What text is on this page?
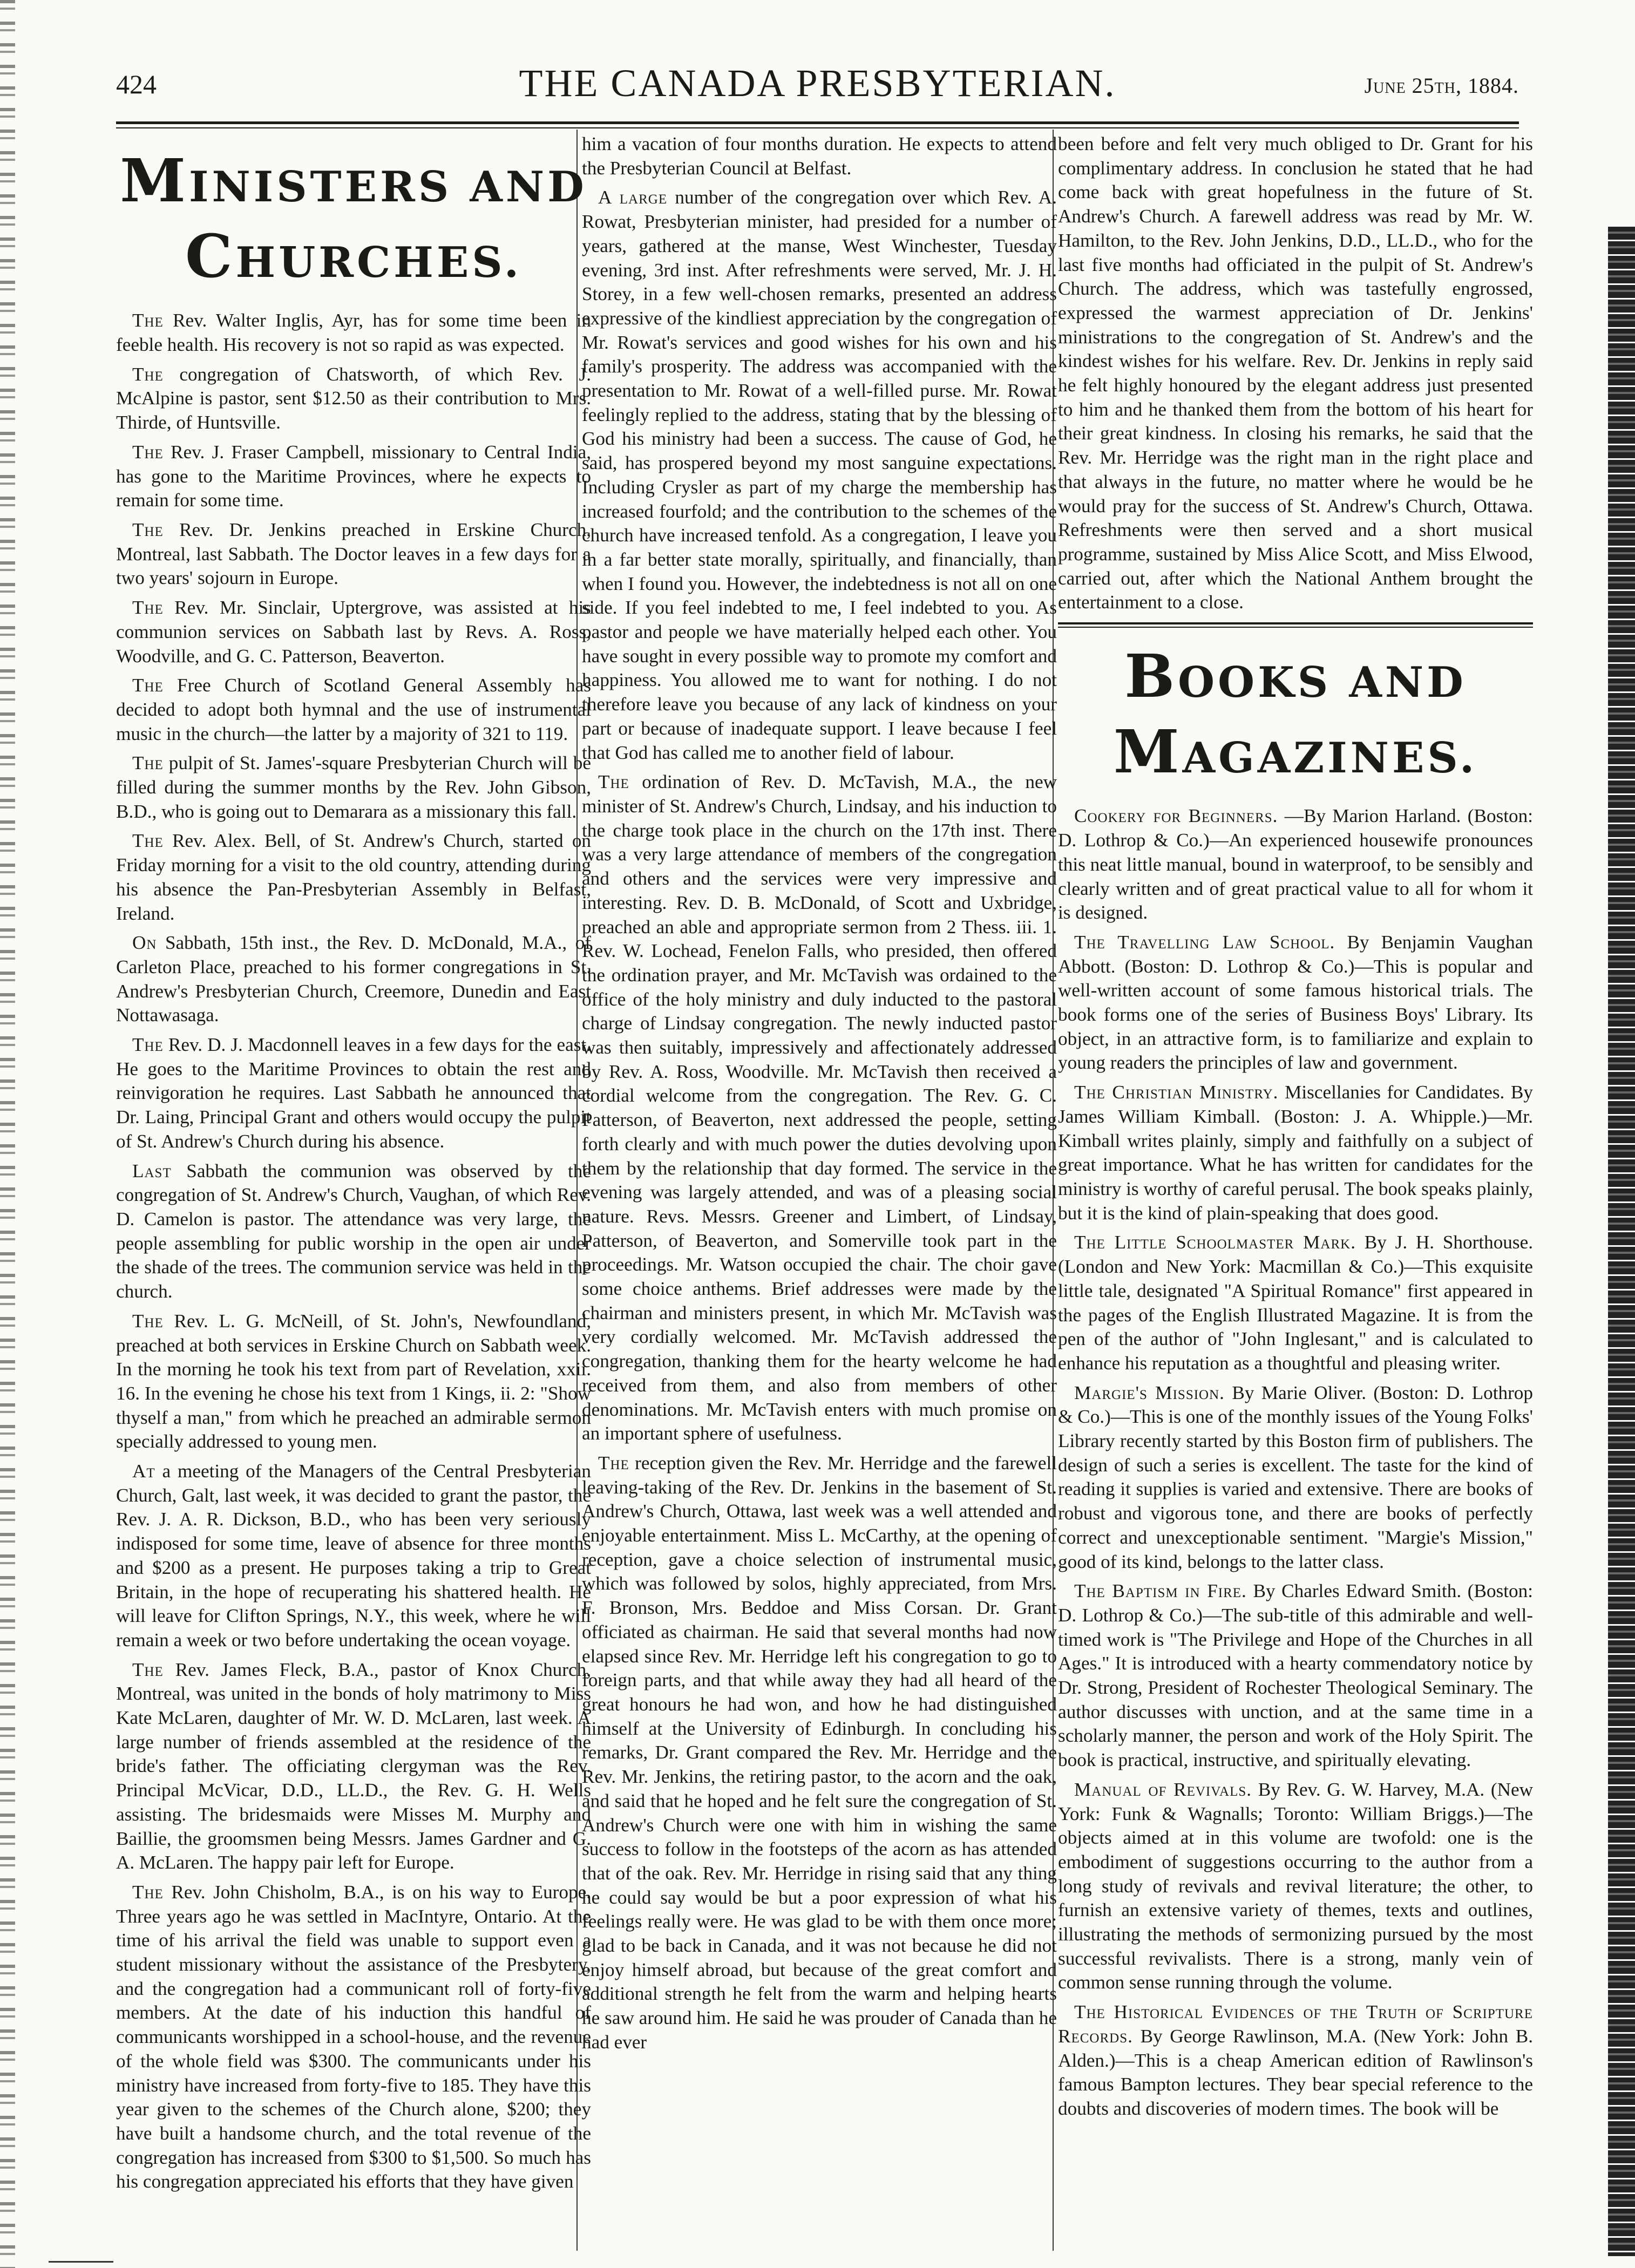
424	THE CANADA PRESBYTERIAN.	June 25th, 1884.
MINISTERS AND CHURCHES.

The Rev. Walter Inglis, Ayr, has for some time been in feeble health. His recovery is not so rapid as was expected.

The congregation of Chatsworth, of which Rev. J. McAlpine is pastor, sent $12.50 as their contribution to Mrs. Thirde, of Huntsville.

The Rev. J. Fraser Campbell, missionary to Central India, has gone to the Maritime Provinces, where he expects to remain for some time.

The Rev. Dr. Jenkins preached in Erskine Church, Montreal, last Sabbath. The Doctor leaves in a few days for a two years' sojourn in Europe.

The Rev. Mr. Sinclair, Uptergrove, was assisted at his communion services on Sabbath last by Revs. A. Ross, Woodville, and G. C. Patterson, Beaverton.

The Free Church of Scotland General Assembly has decided to adopt both hymnal and the use of instrumental music in the church—the latter by a majority of 321 to 119.

The pulpit of St. James'-square Presbyterian Church will be filled during the summer months by the Rev. John Gibson, B.D., who is going out to Demarara as a missionary this fall.

The Rev. Alex. Bell, of St. Andrew's Church, started on Friday morning for a visit to the old country, attending during his absence the Pan-Presbyterian Assembly in Belfast, Ireland.

On Sabbath, 15th inst., the Rev. D. McDonald, M.A., of Carleton Place, preached to his former congregations in St. Andrew's Presbyterian Church, Creemore, Dunedin and East Nottawasaga.

The Rev. D. J. Macdonnell leaves in a few days for the east. He goes to the Maritime Provinces to obtain the rest and reinvigoration he requires. Last Sabbath he announced that Dr. Laing, Principal Grant and others would occupy the pulpit of St. Andrew's Church during his absence.

Last Sabbath the communion was observed by the congregation of St. Andrew's Church, Vaughan, of which Rev. D. Camelon is pastor. The attendance was very large, the people assembling for public worship in the open air under the shade of the trees. The communion service was held in the church.

The Rev. L. G. McNeill, of St. John's, Newfoundland, preached at both services in Erskine Church on Sabbath week. In the morning he took his text from part of Revelation, xxii. 16. In the evening he chose his text from 1 Kings, ii. 2: "Show thyself a man," from which he preached an admirable sermon specially addressed to young men.

At a meeting of the Managers of the Central Presbyterian Church, Galt, last week, it was decided to grant the pastor, the Rev. J. A. R. Dickson, B.D., who has been very seriously indisposed for some time, leave of absence for three months and $200 as a present. He purposes taking a trip to Great Britain, in the hope of recuperating his shattered health. He will leave for Clifton Springs, N.Y., this week, where he will remain a week or two before undertaking the ocean voyage.

The Rev. James Fleck, B.A., pastor of Knox Church, Montreal, was united in the bonds of holy matrimony to Miss Kate McLaren, daughter of Mr. W. D. McLaren, last week. A large number of friends assembled at the residence of the bride's father. The officiating clergyman was the Rev. Principal McVicar, D.D., LL.D., the Rev. G. H. Wells assisting. The bridesmaids were Misses M. Murphy and Baillie, the groomsmen being Messrs. James Gardner and G. A. McLaren. The happy pair left for Europe.

The Rev. John Chisholm, B.A., is on his way to Europe. Three years ago he was settled in MacIntyre, Ontario. At the time of his arrival the field was unable to support even a student missionary without the assistance of the Presbytery, and the congregation had a communicant roll of forty-five members. At the date of his induction this handful of communicants worshipped in a school-house, and the revenue of the whole field was $300. The communicants under his ministry have increased from forty-five to 185. They have this year given to the schemes of the Church alone, $200; they have built a handsome church, and the total revenue of the congregation has increased from $300 to $1,500. So much has his congregation appreciated his efforts that they have given

him a vacation of four months duration. He expects to attend the Presbyterian Council at Belfast.

A large number of the congregation over which Rev. A. Rowat, Presbyterian minister, had presided for a number of years, gathered at the manse, West Winchester, Tuesday evening, 3rd inst. After refreshments were served, Mr. J. H. Storey, in a few well-chosen remarks, presented an address expressive of the kindliest appreciation by the congregation of Mr. Rowat's services and good wishes for his own and his family's prosperity. The address was accompanied with the presentation to Mr. Rowat of a well-filled purse. Mr. Rowat feelingly replied to the address, stating that by the blessing of God his ministry had been a success. The cause of God, he said, has prospered beyond my most sanguine expectations. Including Crysler as part of my charge the membership has increased fourfold; and the contribution to the schemes of the church have increased tenfold. As a congregation, I leave you in a far better state morally, spiritually, and financially, than when I found you. However, the indebtedness is not all on one side. If you feel indebted to me, I feel indebted to you. As pastor and people we have materially helped each other. You have sought in every possible way to promote my comfort and happiness. You allowed me to want for nothing. I do not therefore leave you because of any lack of kindness on your part or because of inadequate support. I leave because I feel that God has called me to another field of labour.

The ordination of Rev. D. McTavish, M.A., the new minister of St. Andrew's Church, Lindsay, and his induction to the charge took place in the church on the 17th inst. There was a very large attendance of members of the congregation and others and the services were very impressive and interesting. Rev. D. B. McDonald, of Scott and Uxbridge, preached an able and appropriate sermon from 2 Thess. iii. 1. Rev. W. Lochead, Fenelon Falls, who presided, then offered the ordination prayer, and Mr. McTavish was ordained to the office of the holy ministry and duly inducted to the pastoral charge of Lindsay congregation. The newly inducted pastor was then suitably, impressively and affectionately addressed by Rev. A. Ross, Woodville. Mr. McTavish then received a cordial welcome from the congregation. The Rev. G. C. Patterson, of Beaverton, next addressed the people, setting forth clearly and with much power the duties devolving upon them by the relationship that day formed. The service in the evening was largely attended, and was of a pleasing social nature. Revs. Messrs. Greener and Limbert, of Lindsay, Patterson, of Beaverton, and Somerville took part in the proceedings. Mr. Watson occupied the chair. The choir gave some choice anthems. Brief addresses were made by the chairman and ministers present, in which Mr. McTavish was very cordially welcomed. Mr. McTavish addressed the congregation, thanking them for the hearty welcome he had received from them, and also from members of other denominations. Mr. McTavish enters with much promise on an important sphere of usefulness.

The reception given the Rev. Mr. Herridge and the farewell leaving-taking of the Rev. Dr. Jenkins in the basement of St. Andrew's Church, Ottawa, last week was a well attended and enjoyable entertainment. Miss L. McCarthy, at the opening of reception, gave a choice selection of instrumental music, which was followed by solos, highly appreciated, from Mrs. F. Bronson, Mrs. Beddoe and Miss Corsan. Dr. Grant officiated as chairman. He said that several months had now elapsed since Rev. Mr. Herridge left his congregation to go to foreign parts, and that while away they had all heard of the great honours he had won, and how he had distinguished himself at the University of Edinburgh. In concluding his remarks, Dr. Grant compared the Rev. Mr. Herridge and the Rev. Mr. Jenkins, the retiring pastor, to the acorn and the oak, and said that he hoped and he felt sure the congregation of St. Andrew's Church were one with him in wishing the same success to follow in the footsteps of the acorn as has attended that of the oak. Rev. Mr. Herridge in rising said that any thing he could say would be but a poor expression of what his feelings really were. He was glad to be with them once more; glad to be back in Canada, and it was not because he did not enjoy himself abroad, but because of the great comfort and additional strength he felt from the warm and helping hearts he saw around him. He said he was prouder of Canada than he had ever

been before and felt very much obliged to Dr. Grant for his complimentary address. In conclusion he stated that he had come back with great hopefulness in the future of St. Andrew's Church. A farewell address was read by Mr. W. Hamilton, to the Rev. John Jenkins, D.D., LL.D., who for the last five months had officiated in the pulpit of St. Andrew's Church. The address, which was tastefully engrossed, expressed the warmest appreciation of Dr. Jenkins' ministrations to the congregation of St. Andrew's and the kindest wishes for his welfare. Rev. Dr. Jenkins in reply said he felt highly honoured by the elegant address just presented to him and he thanked them from the bottom of his heart for their great kindness. In closing his remarks, he said that the Rev. Mr. Herridge was the right man in the right place and that always in the future, no matter where he would be he would pray for the success of St. Andrew's Church, Ottawa. Refreshments were then served and a short musical programme, sustained by Miss Alice Scott, and Miss Elwood, carried out, after which the National Anthem brought the entertainment to a close.

BOOKS AND MAGAZINES.

Cookery for Beginners. —By Marion Harland. (Boston: D. Lothrop & Co.)—An experienced housewife pronounces this neat little manual, bound in waterproof, to be sensibly and clearly written and of great practical value to all for whom it is designed.

The Travelling Law School. By Benjamin Vaughan Abbott. (Boston: D. Lothrop & Co.)—This is popular and well-written account of some famous historical trials. The book forms one of the series of Business Boys' Library. Its object, in an attractive form, is to familiarize and explain to young readers the principles of law and government.

The Christian Ministry. Miscellanies for Candidates. By James William Kimball. (Boston: J. A. Whipple.)—Mr. Kimball writes plainly, simply and faithfully on a subject of great importance. What he has written for candidates for the ministry is worthy of careful perusal. The book speaks plainly, but it is the kind of plain-speaking that does good.

The Little Schoolmaster Mark. By J. H. Shorthouse. (London and New York: Macmillan & Co.)—This exquisite little tale, designated "A Spiritual Romance" first appeared in the pages of the English Illustrated Magazine. It is from the pen of the author of "John Inglesant," and is calculated to enhance his reputation as a thoughtful and pleasing writer.

Margie's Mission. By Marie Oliver. (Boston: D. Lothrop & Co.)—This is one of the monthly issues of the Young Folks' Library recently started by this Boston firm of publishers. The design of such a series is excellent. The taste for the kind of reading it supplies is varied and extensive. There are books of robust and vigorous tone, and there are books of perfectly correct and unexceptionable sentiment. "Margie's Mission," good of its kind, belongs to the latter class.

The Baptism in Fire. By Charles Edward Smith. (Boston: D. Lothrop & Co.)—The sub-title of this admirable and well-timed work is "The Privilege and Hope of the Churches in all Ages." It is introduced with a hearty commendatory notice by Dr. Strong, President of Rochester Theological Seminary. The author discusses with unction, and at the same time in a scholarly manner, the person and work of the Holy Spirit. The book is practical, instructive, and spiritually elevating.

Manual of Revivals. By Rev. G. W. Harvey, M.A. (New York: Funk & Wagnalls; Toronto: William Briggs.)—The objects aimed at in this volume are twofold: one is the embodiment of suggestions occurring to the author from a long study of revivals and revival literature; the other, to furnish an extensive variety of themes, texts and outlines, illustrating the methods of sermonizing pursued by the most successful revivalists. There is a strong, manly vein of common sense running through the volume.

The Historical Evidences of the Truth of Scripture Records. By George Rawlinson, M.A. (New York: John B. Alden.)—This is a cheap American edition of Rawlinson's famous Bampton lectures. They bear special reference to the doubts and discoveries of modern times. The book will be
